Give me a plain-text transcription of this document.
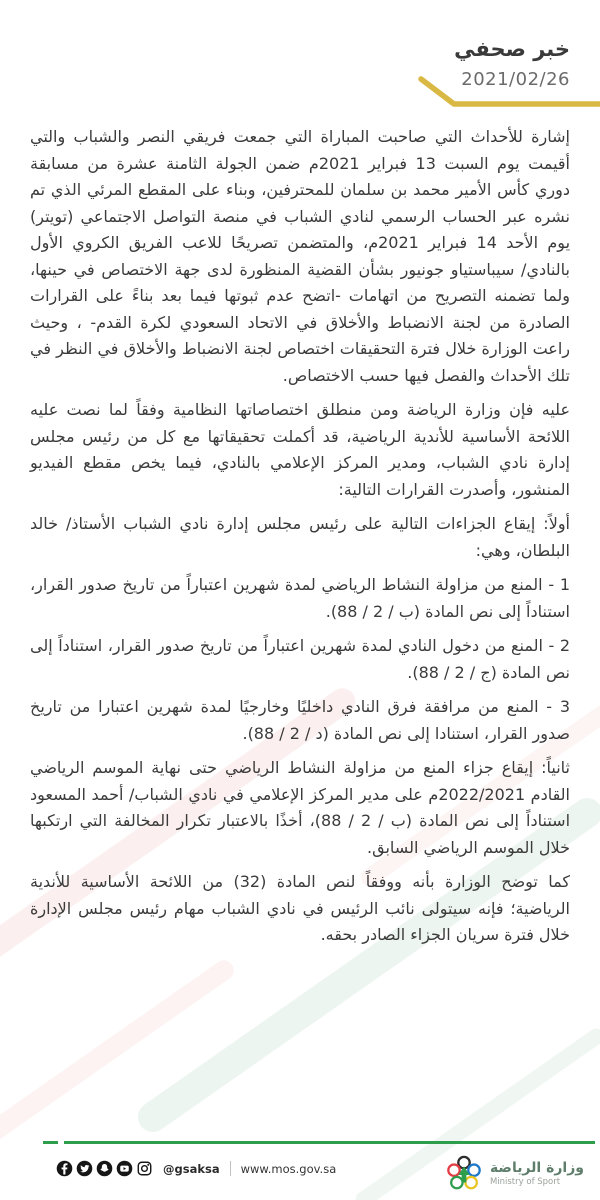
خبر صحفي
2021/02/26

إشارة للأحداث التي صاحبت المباراة التي جمعت فريقي النصر والشباب والتي أقيمت يوم السبت 13 فبراير 2021م ضمن الجولة الثامنة عشرة من مسابقة دوري كأس الأمير محمد بن سلمان للمحترفين، وبناء على المقطع المرئي الذي تم نشره عبر الحساب الرسمي لنادي الشباب في منصة التواصل الاجتماعي (تويتر) يوم الأحد 14 فبراير 2021م، والمتضمن تصريحًا للاعب الفريق الكروي الأول بالنادي/ سيباستياو جونيور بشأن القضية المنظورة لدى جهة الاختصاص في حينها، ولما تضمنه التصريح من اتهامات -اتضح عدم ثبوتها فيما بعد بناءً على القرارات الصادرة من لجنة الانضباط والأخلاق في الاتحاد السعودي لكرة القدم- ، وحيث راعت الوزارة خلال فترة التحقيقات اختصاص لجنة الانضباط والأخلاق في النظر في تلك الأحداث والفصل فيها حسب الاختصاص.

عليه فإن وزارة الرياضة ومن منطلق اختصاصاتها النظامية وفقاً لما نصت عليه اللائحة الأساسية للأندية الرياضية، قد أكملت تحقيقاتها مع كل من رئيس مجلس إدارة نادي الشباب، ومدير المركز الإعلامي بالنادي، فيما يخص مقطع الفيديو المنشور، وأصدرت القرارات التالية:

أولاً: إيقاع الجزاءات التالية على رئيس مجلس إدارة نادي الشباب الأستاذ/ خالد البلطان، وهي:

1 - المنع من مزاولة النشاط الرياضي لمدة شهرين اعتباراً من تاريخ صدور القرار، استناداً إلى نص المادة ⁦(88 / 2 / ب)⁩.

2 - المنع من دخول النادي لمدة شهرين اعتباراً من تاريخ صدور القرار، استناداً إلى نص المادة ⁦(88 / 2 / ج)⁩.

3 - المنع من مرافقة فرق النادي داخليًا وخارجيًا لمدة شهرين اعتبارا من تاريخ صدور القرار، استنادا إلى نص المادة ⁦(88 / 2 / د)⁩.

ثانياً: إيقاع جزاء المنع من مزاولة النشاط الرياضي حتى نهاية الموسم الرياضي القادم 2022/2021م على مدير المركز الإعلامي في نادي الشباب/ أحمد المسعود استناداً إلى نص المادة ⁦(88 / 2 / ب)⁩، أخذًا بالاعتبار تكرار المخالفة التي ارتكبها خلال الموسم الرياضي السابق.

كما توضح الوزارة بأنه ووفقاً لنص المادة (32) من اللائحة الأساسية للأندية الرياضية؛ فإنه سيتولى نائب الرئيس في نادي الشباب مهام رئيس مجلس الإدارة خلال فترة سريان الجزاء الصادر بحقه.

@gsaksa www.mos.gov.sa	وزارة الرياضة
Ministry of Sport
